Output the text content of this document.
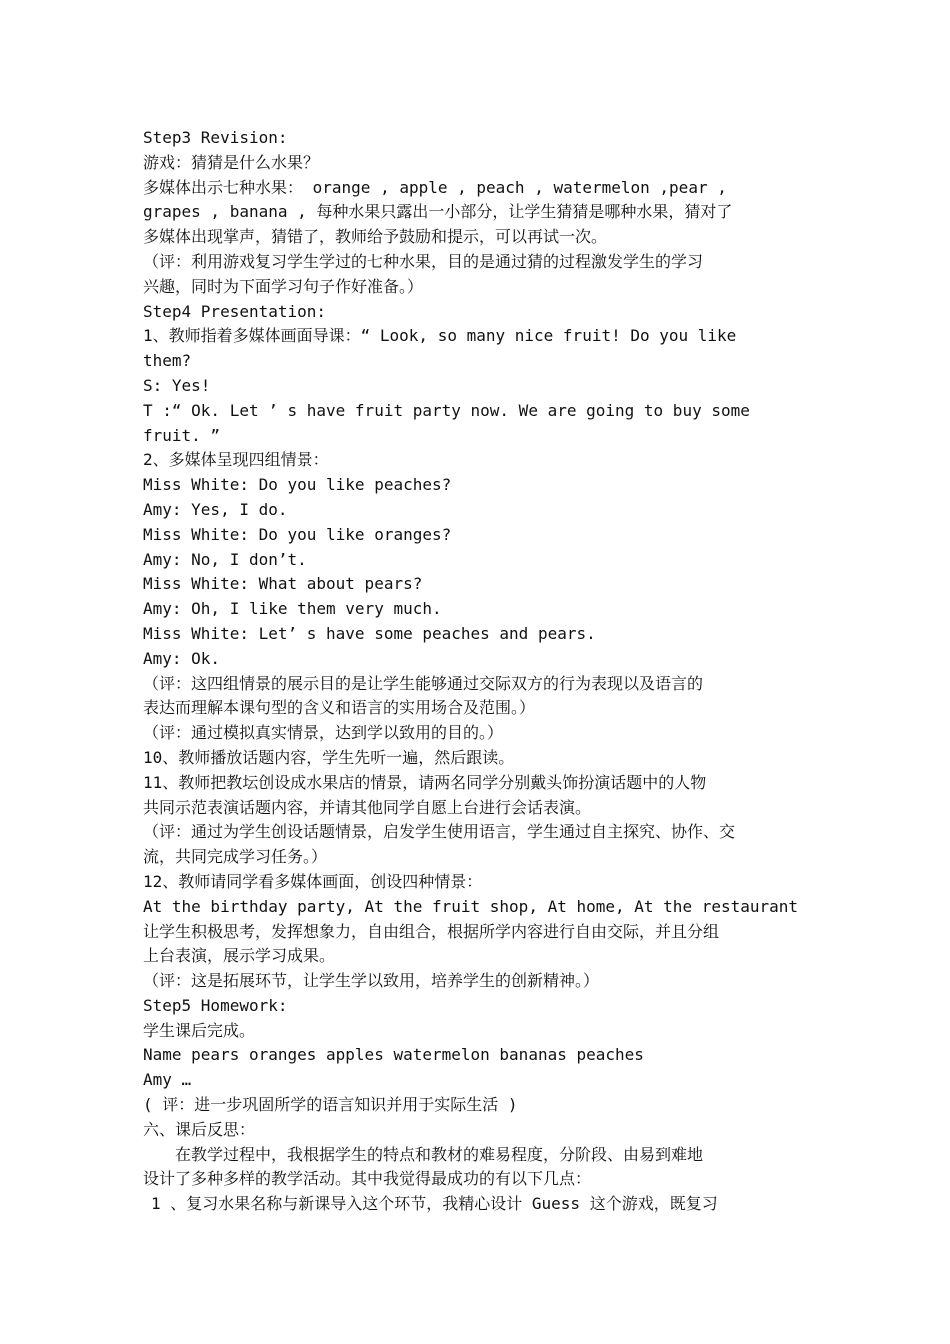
Step3 Revision:
游戏：猜猜是什么水果？
多媒体出示七种水果： orange , apple , peach , watermelon ,pear ,
grapes , banana , 每种水果只露出一小部分，让学生猜猜是哪种水果，猜对了
多媒体出现掌声，猜错了，教师给予鼓励和提示，可以再试一次。
（评：利用游戏复习学生学过的七种水果，目的是通过猜的过程激发学生的学习
兴趣，同时为下面学习句子作好准备。）
Step4 Presentation:
1、教师指着多媒体画面导课：“ Look, so many nice fruit! Do you like
them?
S: Yes!
T :“ Ok. Let ’ s have fruit party now. We are going to buy some
fruit. ”
2、多媒体呈现四组情景：
Miss White: Do you like peaches?
Amy: Yes, I do.
Miss White: Do you like oranges?
Amy: No, I don’t.
Miss White: What about pears?
Amy: Oh, I like them very much.
Miss White: Let’ s have some peaches and pears.
Amy: Ok.
（评：这四组情景的展示目的是让学生能够通过交际双方的行为表现以及语言的
表达而理解本课句型的含义和语言的实用场合及范围。）
（评：通过模拟真实情景，达到学以致用的目的。）
10、教师播放话题内容，学生先听一遍，然后跟读。
11、教师把教坛创设成水果店的情景，请两名同学分别戴头饰扮演话题中的人物
共同示范表演话题内容，并请其他同学自愿上台进行会话表演。
（评：通过为学生创设话题情景，启发学生使用语言，学生通过自主探究、协作、交
流，共同完成学习任务。）
12、教师请同学看多媒体画面，创设四种情景：
At the birthday party, At the fruit shop, At home, At the restaurant
让学生积极思考，发挥想象力，自由组合，根据所学内容进行自由交际，并且分组
上台表演，展示学习成果。
（评：这是拓展环节，让学生学以致用，培养学生的创新精神。）
Step5 Homework:
学生课后完成。
Name pears oranges apples watermelon bananas peaches
Amy …
( 评：进一步巩固所学的语言知识并用于实际生活 )
六、课后反思：
在教学过程中，我根据学生的特点和教材的难易程度，分阶段、由易到难地
设计了多种多样的教学活动。其中我觉得最成功的有以下几点：
1 、复习水果名称与新课导入这个环节，我精心设计 Guess 这个游戏，既复习
